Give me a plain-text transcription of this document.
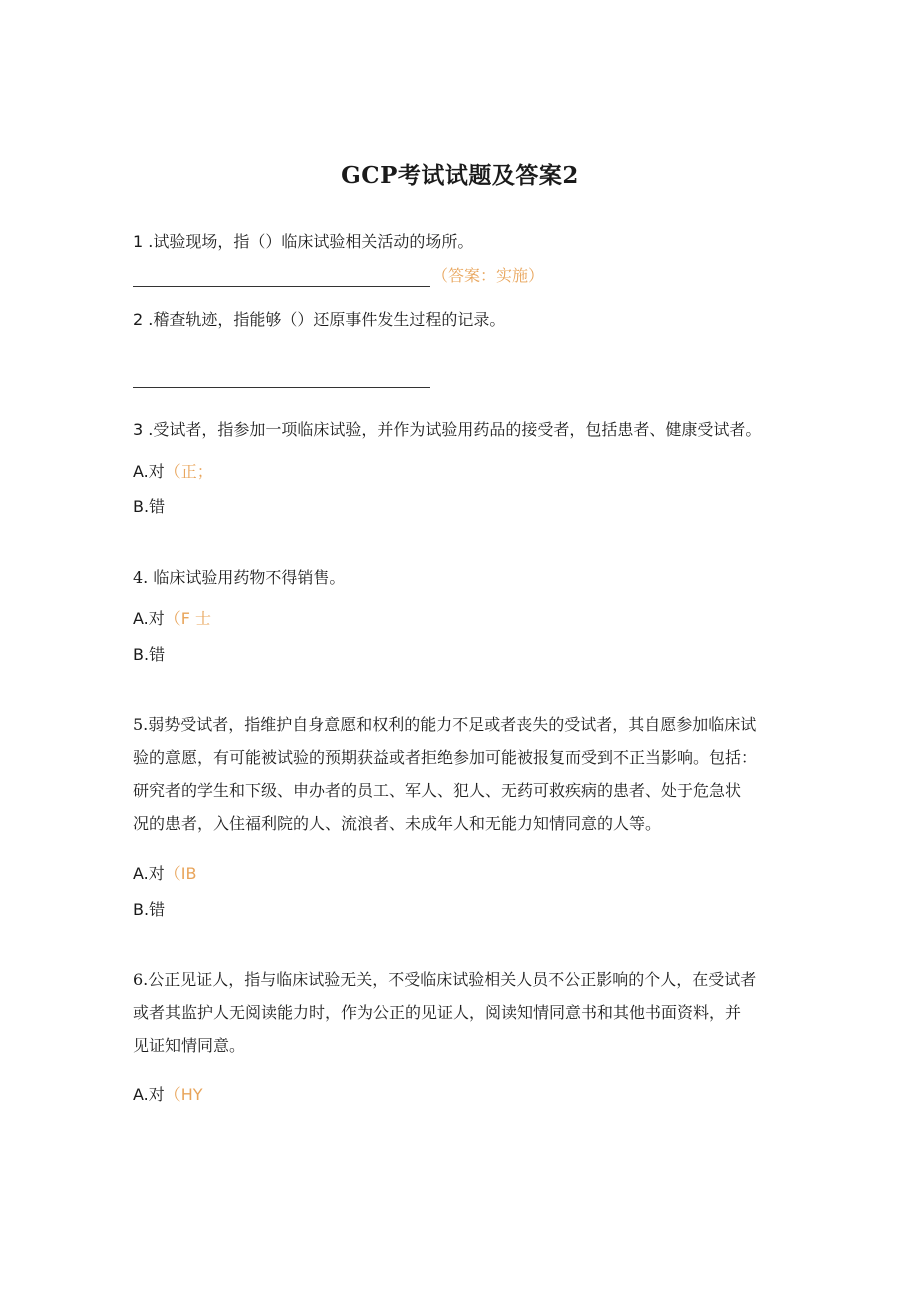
GCP考试试题及答案2
1 .试验现场，指（）临床试验相关活动的场所。
（答案：实施）
2 .稽查轨迹，指能够（）还原事件发生过程的记录。
3 .受试者，指参加一项临床试验，并作为试验用药品的接受者，包括患者、健康受试者。
A.对（正；
B.错
4. 临床试验用药物不得销售。
A.对（F 士
B.错
5.弱势受试者，指维护自身意愿和权利的能力不足或者丧失的受试者，其自愿参加临床试
验的意愿，有可能被试验的预期获益或者拒绝参加可能被报复而受到不正当影响。包括：
研究者的学生和下级、申办者的员工、军人、犯人、无药可救疾病的患者、处于危急状
况的患者，入住福利院的人、流浪者、未成年人和无能力知情同意的人等。
A.对（IB
B.错
6.公正见证人，指与临床试验无关，不受临床试验相关人员不公正影响的个人，在受试者
或者其监护人无阅读能力时，作为公正的见证人，阅读知情同意书和其他书面资料，并
见证知情同意。
A.对（HY
